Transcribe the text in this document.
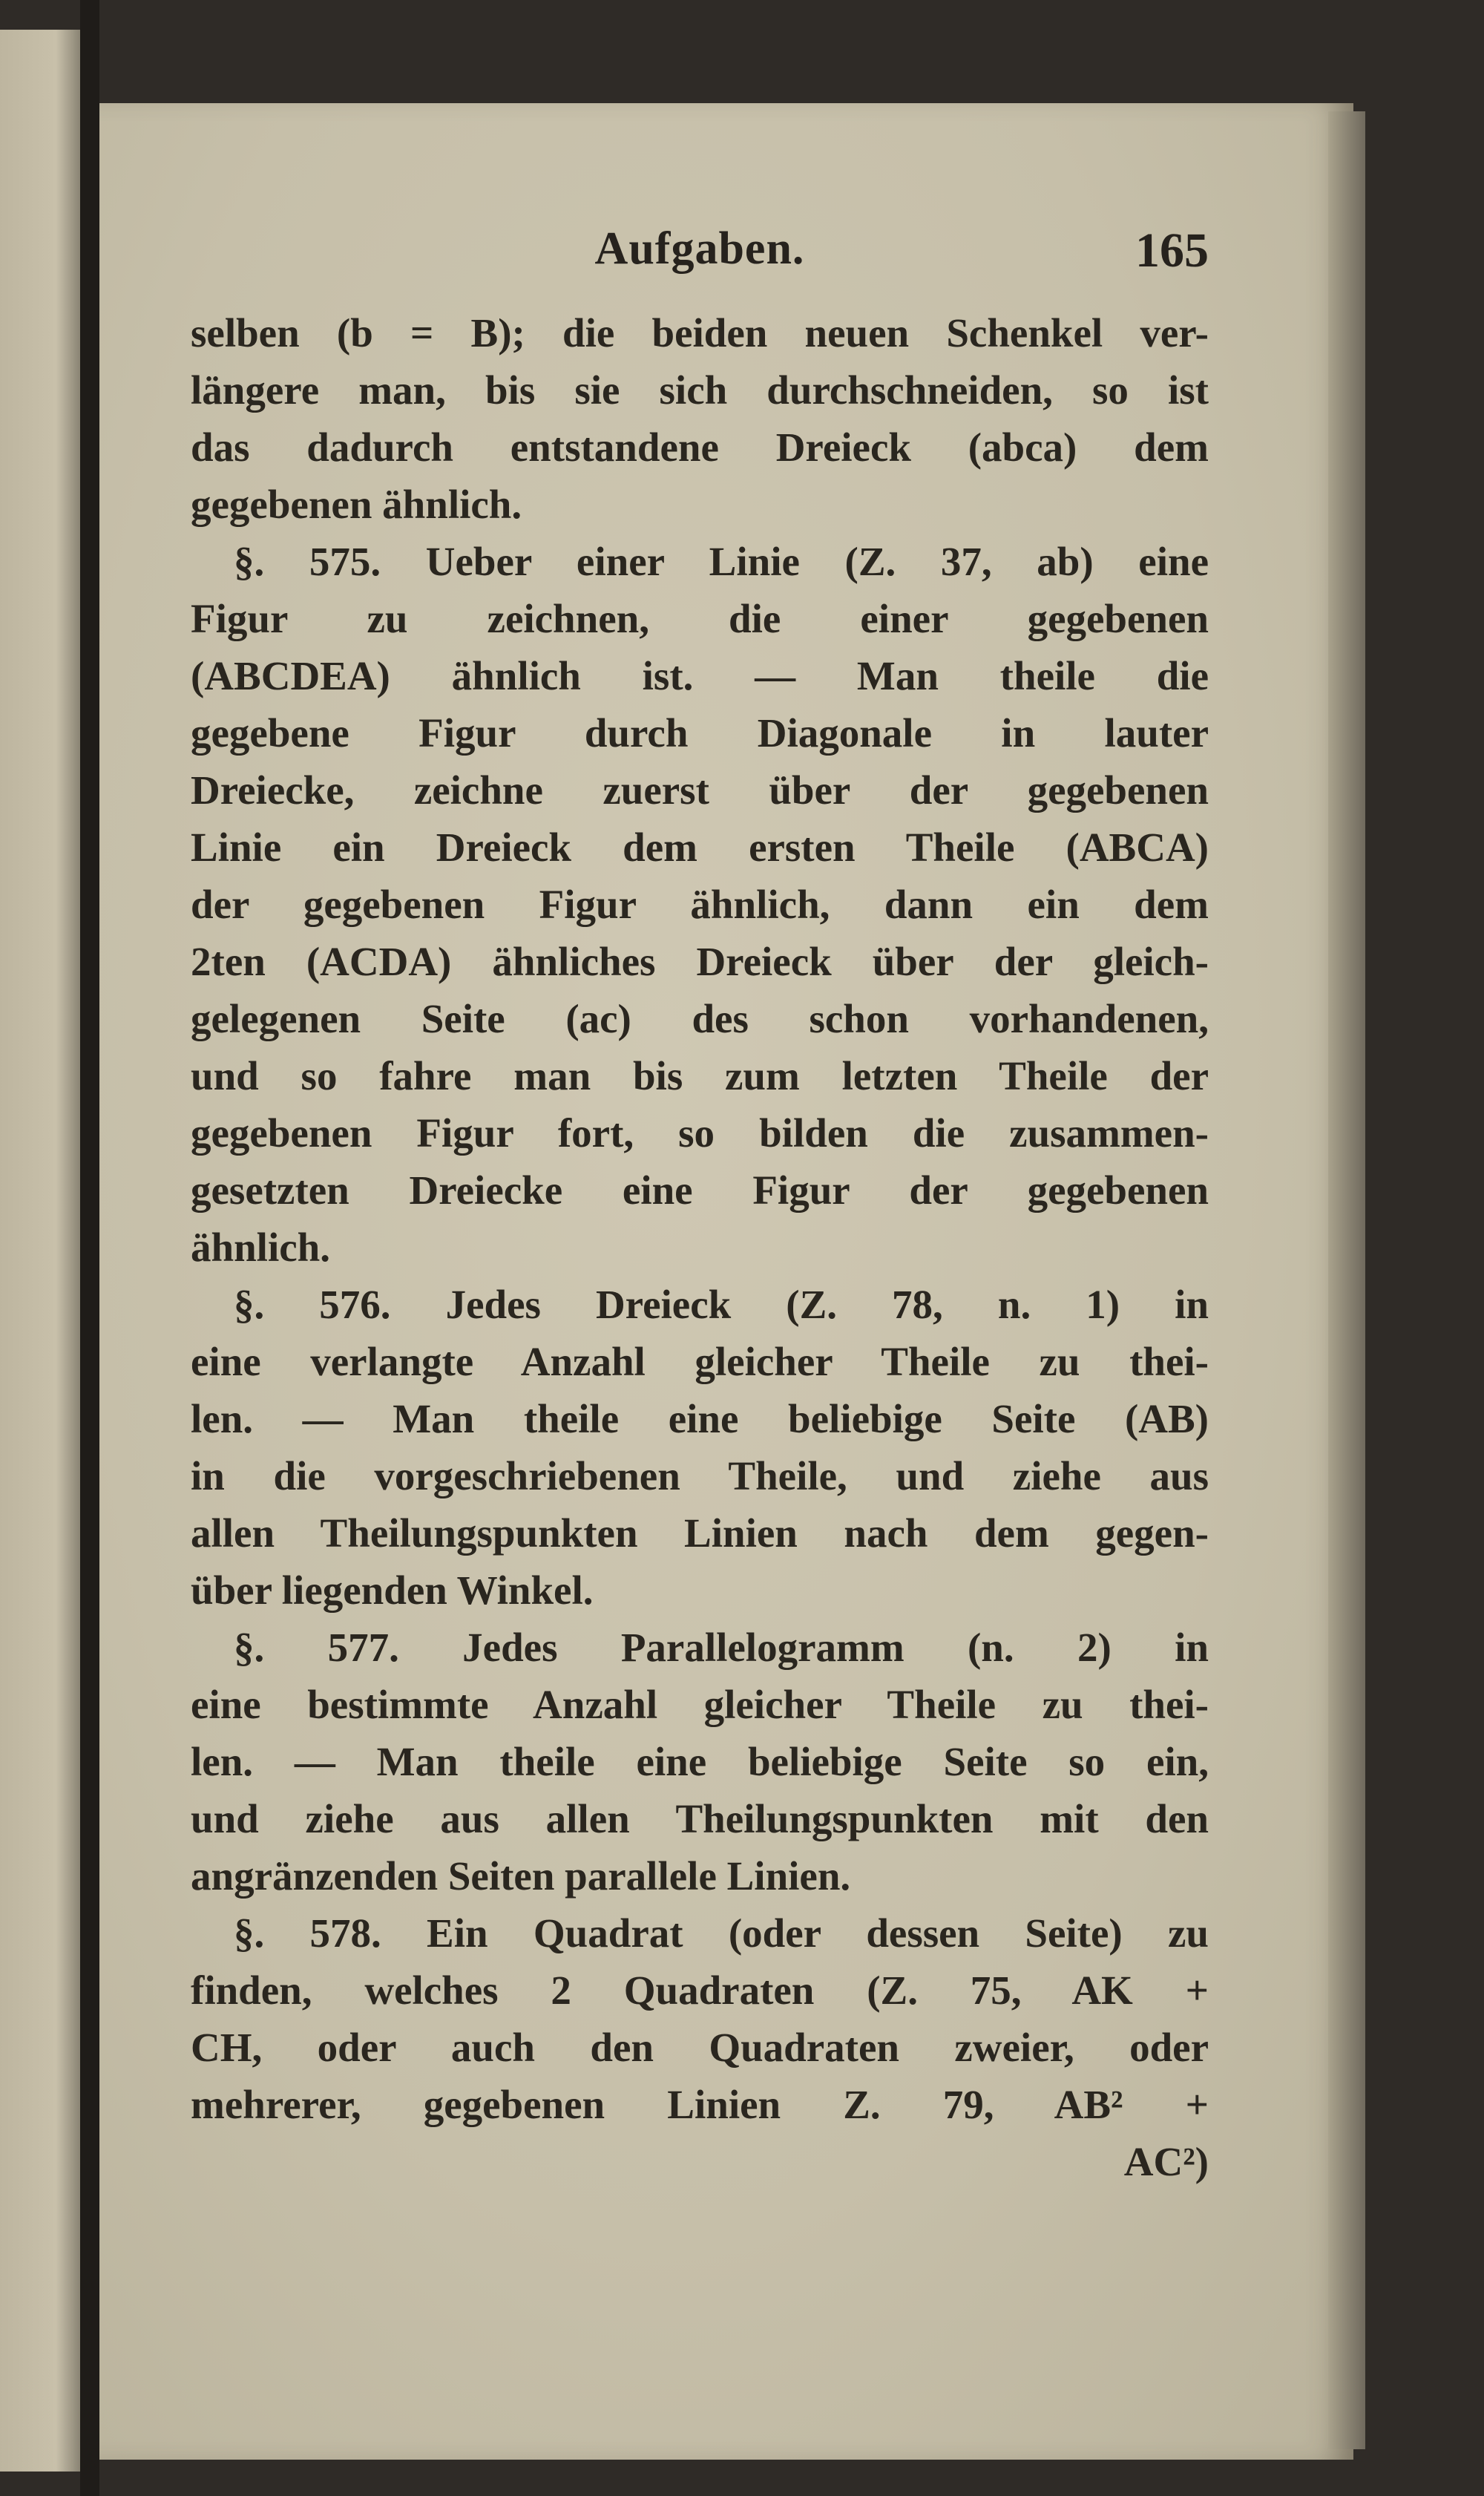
Aufgaben.	165
selben (b = B); die beiden neuen Schenkel ver-
längere man, bis sie sich durchschneiden, so ist
das dadurch entstandene Dreieck (abca) dem
gegebenen ähnlich.
§. 575. Ueber einer Linie (Z. 37, ab) eine
Figur zu zeichnen, die einer gegebenen
(ABCDEA) ähnlich ist. — Man theile die
gegebene Figur durch Diagonale in lauter
Dreiecke, zeichne zuerst über der gegebenen
Linie ein Dreieck dem ersten Theile (ABCA)
der gegebenen Figur ähnlich, dann ein dem
2ten (ACDA) ähnliches Dreieck über der gleich-
gelegenen Seite (ac) des schon vorhandenen,
und so fahre man bis zum letzten Theile der
gegebenen Figur fort, so bilden die zusammen-
gesetzten Dreiecke eine Figur der gegebenen
ähnlich.
§. 576. Jedes Dreieck (Z. 78, n. 1) in
eine verlangte Anzahl gleicher Theile zu thei-
len. — Man theile eine beliebige Seite (AB)
in die vorgeschriebenen Theile, und ziehe aus
allen Theilungspunkten Linien nach dem gegen-
über liegenden Winkel.
§. 577. Jedes Parallelogramm (n. 2) in
eine bestimmte Anzahl gleicher Theile zu thei-
len. — Man theile eine beliebige Seite so ein,
und ziehe aus allen Theilungspunkten mit den
angränzenden Seiten parallele Linien.
§. 578. Ein Quadrat (oder dessen Seite) zu
finden, welches 2 Quadraten (Z. 75, AK +
CH, oder auch den Quadraten zweier, oder
mehrerer, gegebenen Linien Z. 79, AB² +
AC²)
